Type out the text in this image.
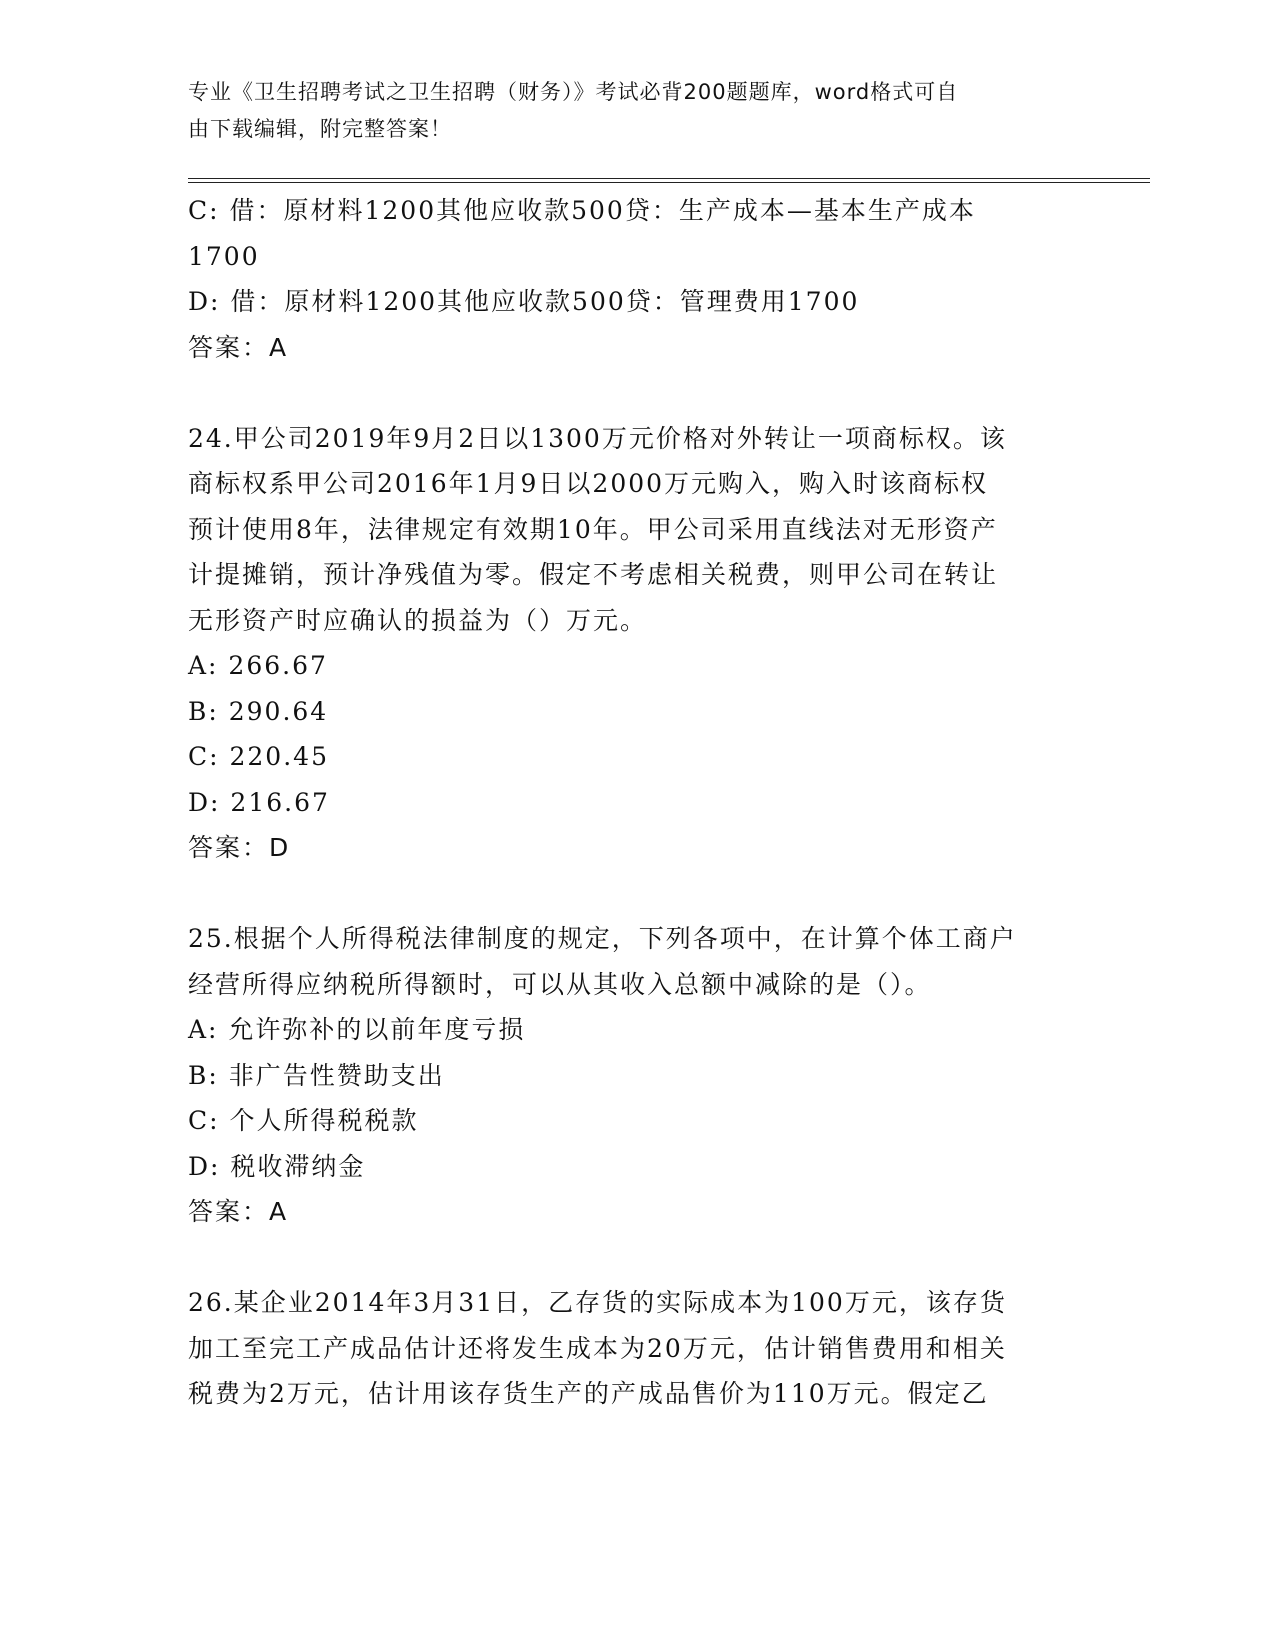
专业《卫生招聘考试之卫生招聘（财务）》考试必背200题题库，word格式可自
由下载编辑，附完整答案！
C: 借：原材料1200其他应收款500贷：生产成本—基本生产成本
1700
D: 借：原材料1200其他应收款500贷：管理费用1700
答案：A
24.甲公司2019年9月2日以1300万元价格对外转让一项商标权。该
商标权系甲公司2016年1月9日以2000万元购入，购入时该商标权
预计使用8年，法律规定有效期10年。甲公司采用直线法对无形资产
计提摊销，预计净残值为零。假定不考虑相关税费，则甲公司在转让
无形资产时应确认的损益为（）万元。
A: 266.67
B: 290.64
C: 220.45
D: 216.67
答案：D
25.根据个人所得税法律制度的规定，下列各项中，在计算个体工商户
经营所得应纳税所得额时，可以从其收入总额中减除的是（）。
A: 允许弥补的以前年度亏损
B: 非广告性赞助支出
C: 个人所得税税款
D: 税收滞纳金
答案：A
26.某企业2014年3月31日，乙存货的实际成本为100万元，该存货
加工至完工产成品估计还将发生成本为20万元，估计销售费用和相关
税费为2万元，估计用该存货生产的产成品售价为110万元。假定乙
